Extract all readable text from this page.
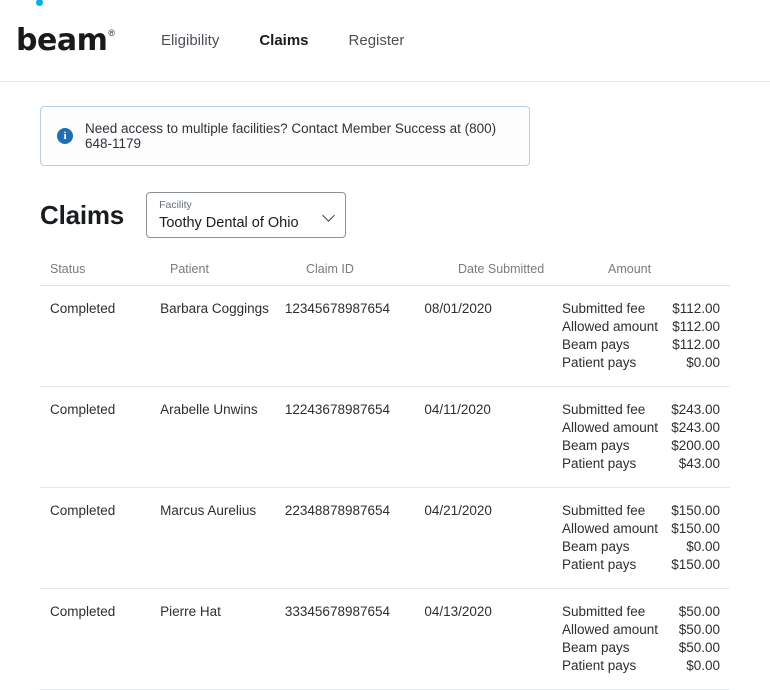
beam ®	Eligibility	Claims	Register
i	Need access to multiple facilities? Contact Member Success at (800) 648-1179
Claims	Facility
Toothy Dental of Ohio
Status	Patient	Claim ID	Date Submitted	Amount
Completed	Barbara Coggings	12345678987654	08/01/2020	Submitted fee	$112.00
Allowed amount	$112.00
Beam pays	$112.00
Patient pays	$0.00
Completed	Arabelle Unwins	12243678987654	04/11/2020	Submitted fee	$243.00
Allowed amount $243.00
Beam pays	$200.00
Patient pays	$43.00
Completed	Marcus Aurelius	22348878987654	04/21/2020	Submitted fee	$150.00
Allowed amount $150.00
Beam pays	$0.00
Patient pays	$150.00
Completed	Pierre Hat	33345678987654	04/13/2020	Submitted fee	$50.00
Allowed amount	$50.00
Beam pays	$50.00
Patient pays	$0.00
